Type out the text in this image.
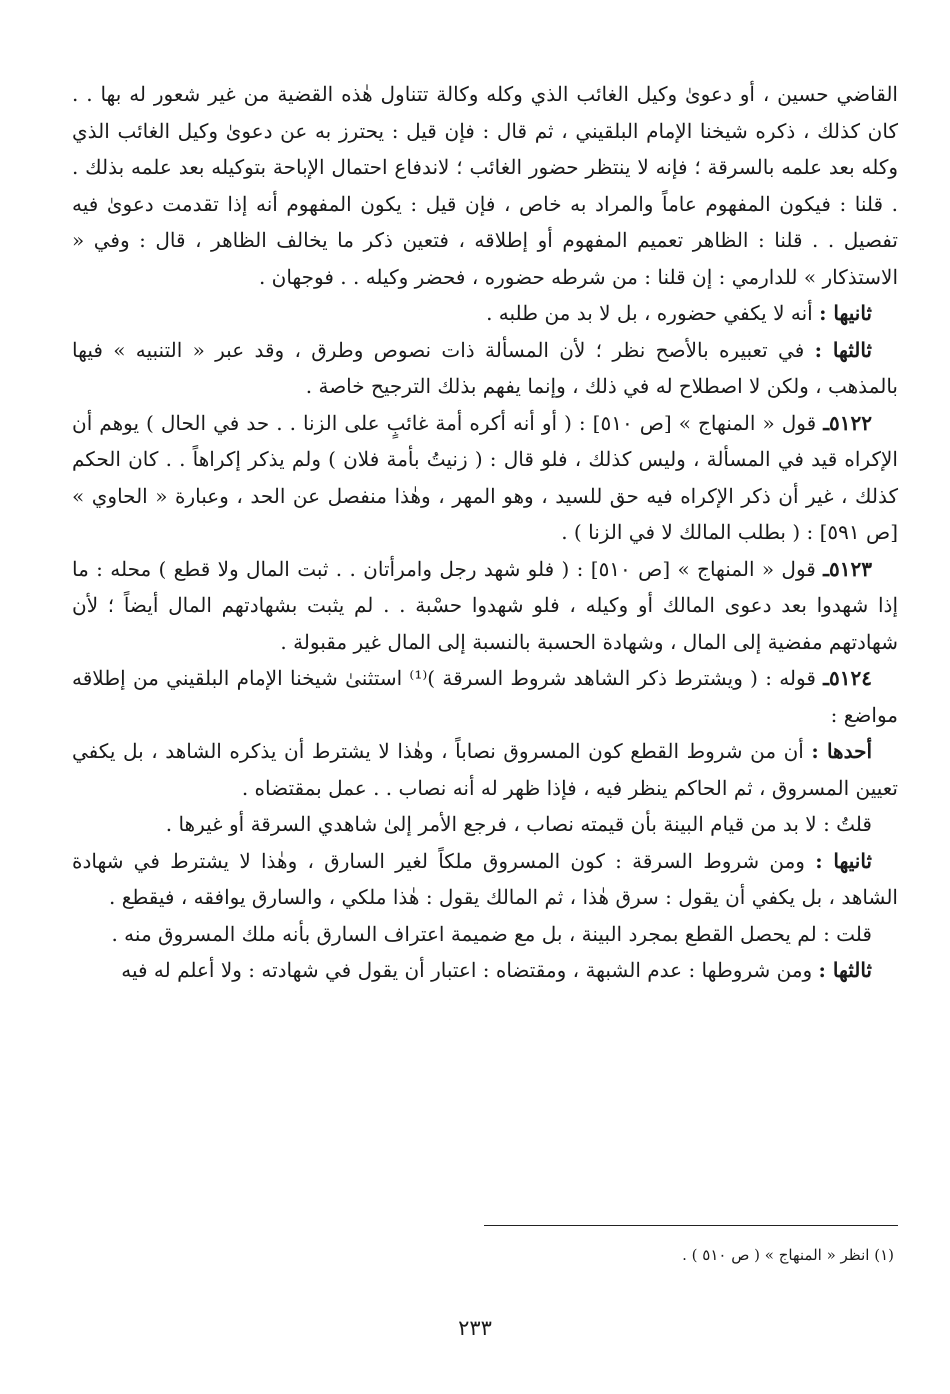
القاضي حسين ، أو دعوىٰ وكيل الغائب الذي وكله وكالة تتناول هٰذه القضية من غير شعور له بها . . كان كذلك ، ذكره شيخنا الإمام البلقيني ، ثم قال : فإن قيل : يحترز به عن دعوىٰ وكيل الغائب الذي وكله بعد علمه بالسرقة ؛ فإنه لا ينتظر حضور الغائب ؛ لاندفاع احتمال الإباحة بتوكيله بعد علمه بذلك . . قلنا : فيكون المفهوم عاماً والمراد به خاص ، فإن قيل : يكون المفهوم أنه إذا تقدمت دعوىٰ فيه تفصيل . . قلنا : الظاهر تعميم المفهوم أو إطلاقه ، فتعين ذكر ما يخالف الظاهر ، قال : وفي « الاستذكار » للدارمي : إن قلنا : من شرطه حضوره ، فحضر وكيله . . فوجهان .

ثانيها : أنه لا يكفي حضوره ، بل لا بد من طلبه .

ثالثها : في تعبيره بالأصح نظر ؛ لأن المسألة ذات نصوص وطرق ، وقد عبر « التنبيه » فيها بالمذهب ، ولكن لا اصطلاح له في ذلك ، وإنما يفهم بذلك الترجيح خاصة .

٥١٢٢ـ قول « المنهاج » [ص ٥١٠] : ( أو أنه أكره أمة غائبٍ على الزنا . . حد في الحال ) يوهم أن الإكراه قيد في المسألة ، وليس كذلك ، فلو قال : ( زنيتُ بأمة فلان ) ولم يذكر إكراهاً . . كان الحكم كذلك ، غير أن ذكر الإكراه فيه حق للسيد ، وهو المهر ، وهٰذا منفصل عن الحد ، وعبارة « الحاوي » [ص ٥٩١] : ( بطلب المالك لا في الزنا ) .

٥١٢٣ـ قول « المنهاج » [ص ٥١٠] : ( فلو شهد رجل وامرأتان . . ثبت المال ولا قطع ) محله : ما إذا شهدوا بعد دعوى المالك أو وكيله ، فلو شهدوا حسْبة . . لم يثبت بشهادتهم المال أيضاً ؛ لأن شهادتهم مفضية إلى المال ، وشهادة الحسبة بالنسبة إلى المال غير مقبولة .

٥١٢٤ـ قوله : ( ويشترط ذكر الشاهد شروط السرقة )⁽¹⁾ استثنىٰ شيخنا الإمام البلقيني من إطلاقه مواضع :

أحدها : أن من شروط القطع كون المسروق نصاباً ، وهٰذا لا يشترط أن يذكره الشاهد ، بل يكفي تعيين المسروق ، ثم الحاكم ينظر فيه ، فإذا ظهر له أنه نصاب . . عمل بمقتضاه .

قلتُ : لا بد من قيام البينة بأن قيمته نصاب ، فرجع الأمر إلىٰ شاهدي السرقة أو غيرها .

ثانيها : ومن شروط السرقة : كون المسروق ملكاً لغير السارق ، وهٰذا لا يشترط في شهادة الشاهد ، بل يكفي أن يقول : سرق هٰذا ، ثم المالك يقول : هٰذا ملكي ، والسارق يوافقه ، فيقطع .

قلت : لم يحصل القطع بمجرد البينة ، بل مع ضميمة اعتراف السارق بأنه ملك المسروق منه .

ثالثها : ومن شروطها : عدم الشبهة ، ومقتضاه : اعتبار أن يقول في شهادته : ولا أعلم له فيه

(١) انظر « المنهاج » ( ص ٥١٠ ) .
٢٣٣
